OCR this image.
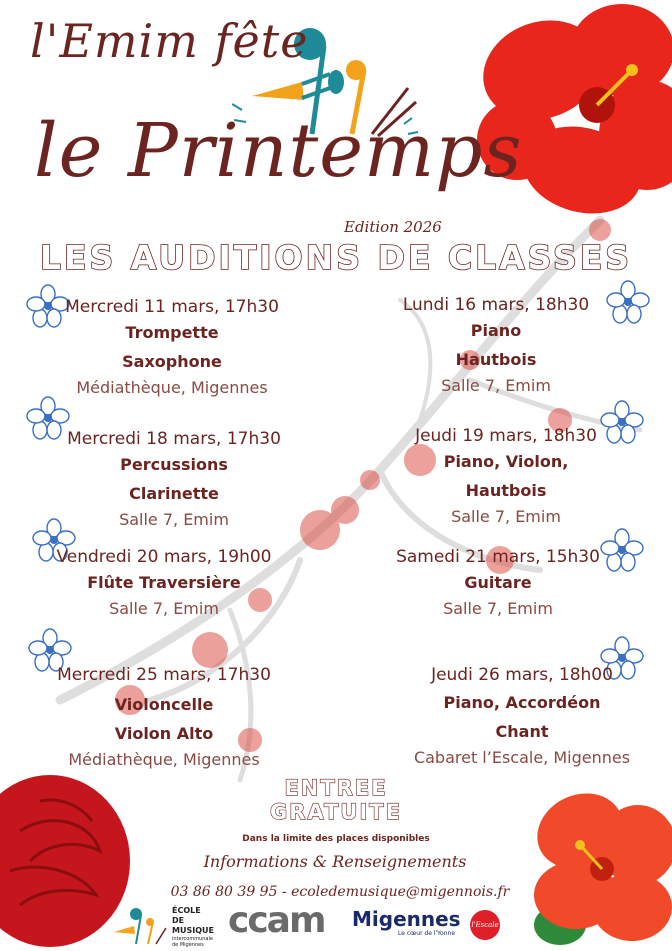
l'Emim fête
le Printemps
Edition 2026
LES AUDITIONS DE CLASSES
Mercredi 11 mars, 17h30
Trompette
Saxophone
Médiathèque, Migennes
Lundi 16 mars, 18h30
Piano
Hautbois
Salle 7, Emim
Mercredi 18 mars, 17h30
Percussions
Clarinette
Salle 7, Emim
Jeudi 19 mars, 18h30
Piano, Violon,
Hautbois
Salle 7, Emim
Vendredi 20 mars, 19h00
Flûte Traversière
Salle 7, Emim
Samedi 21 mars, 15h30
Guitare
Salle 7, Emim
Mercredi 25 mars, 17h30
Violoncelle
Violon Alto
Médiathèque, Migennes
Jeudi 26 mars, 18h00
Piano, Accordéon
Chant
Cabaret l’Escale, Migennes
ENTREE
GRATUITE
Dans la limite des places disponibles
Informations & Renseignements
03 86 80 39 95 - ecoledemusique@migennois.fr
ÉCOLE DE
MUSIQUE
intercommunale de Migennes
ccam Migennes
Le cœur de l'Yonne
l'Escale
